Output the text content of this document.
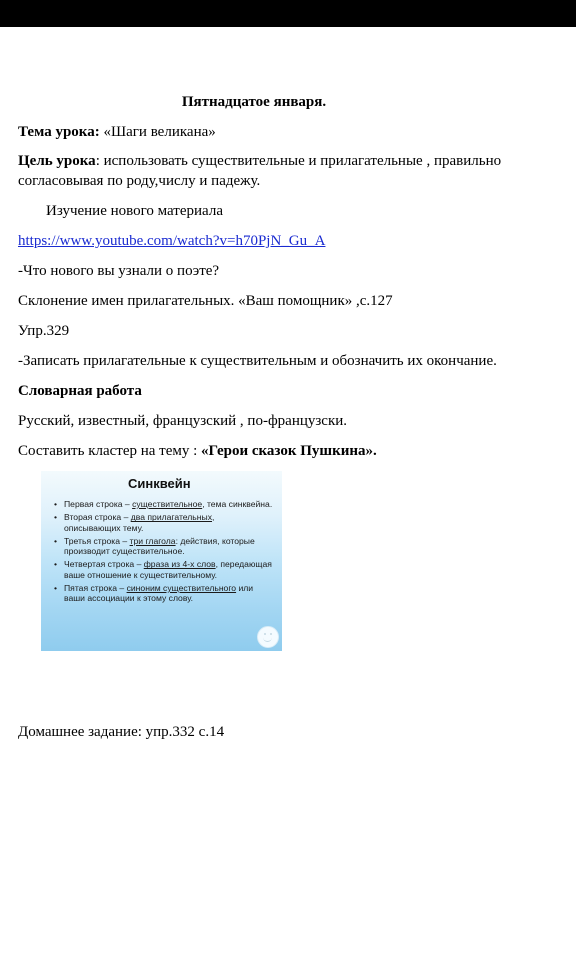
Пятнадцатое января.
Тема урока: «Шаги великана»
Цель урока: использовать существительные и прилагательные , правильно согласовывая по роду,числу и падежу.
Изучение нового материала
https://www.youtube.com/watch?v=h70PjN_Gu_A
-Что нового вы узнали о поэте?
Склонение имен прилагательных. «Ваш помощник» ,с.127
Упр.329
-Записать прилагательные к существительным и обозначить их окончание.
Словарная работа
Русский, известный, французский , по-французски.
Составить кластер на тему : «Герои сказок Пушкина».
Синквейн
• Первая строка – существительное, тема синквейна.
• Вторая строка – два прилагательных, описывающих тему.
• Третья строка – три глагола: действия, которые производит существительное.
• Четвертая строка – фраза из 4-х слов, передающая ваше отношение к существительному.
• Пятая строка – синоним существительного или ваши ассоциации к этому слову.
Домашнее задание: упр.332 с.14
